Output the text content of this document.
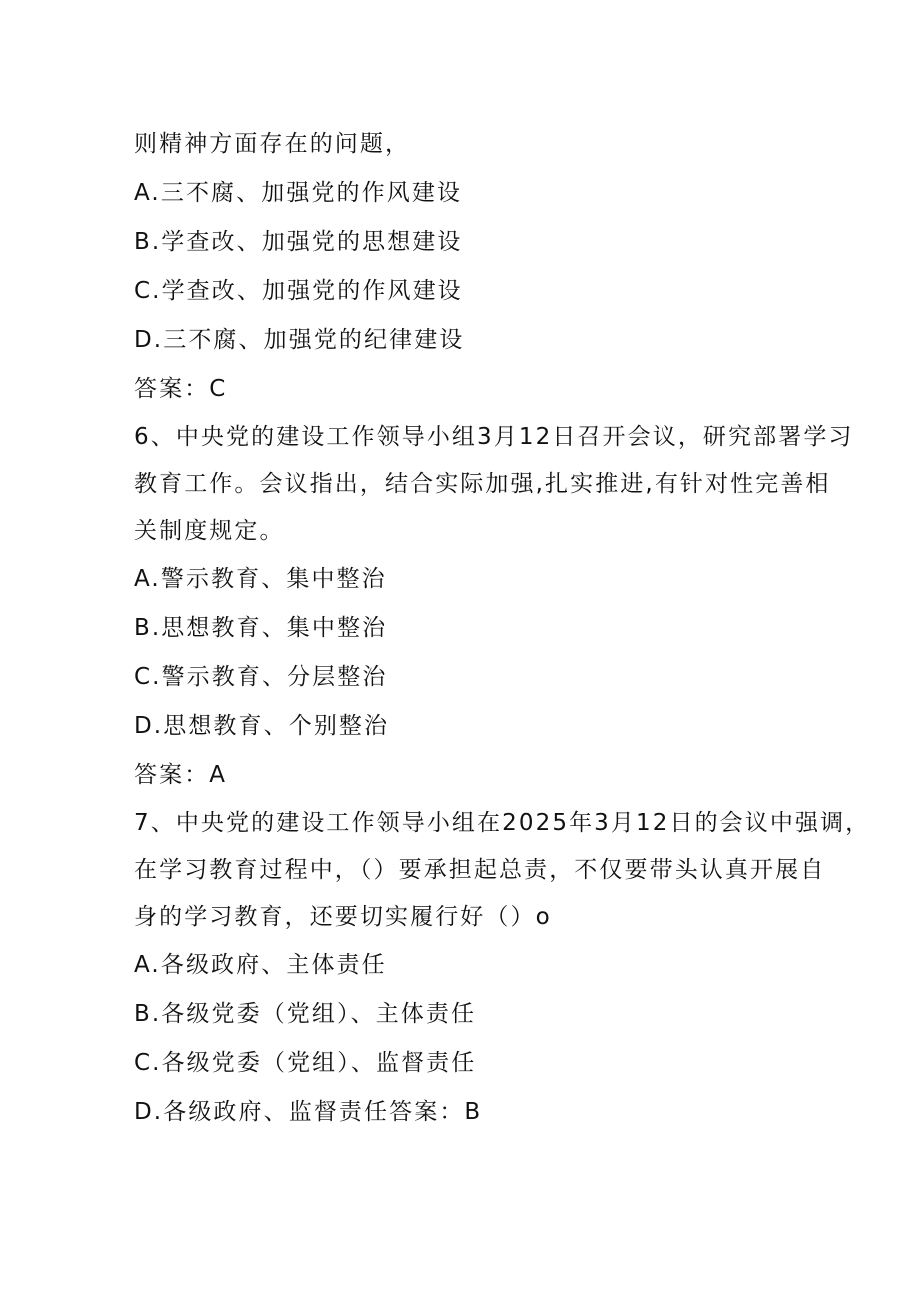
则精神方面存在的问题，
A.三不腐、加强党的作风建设
B.学查改、加强党的思想建设
C.学查改、加强党的作风建设
D.三不腐、加强党的纪律建设
答案：C
6、中央党的建设工作领导小组3月12日召开会议，研究部署学习
教育工作。会议指出，结合实际加强,扎实推进,有针对性完善相
关制度规定。
A.警示教育、集中整治
B.思想教育、集中整治
C.警示教育、分层整治
D.思想教育、个别整治
答案：A
7、中央党的建设工作领导小组在2025年3月12日的会议中强调，
在学习教育过程中，（）要承担起总责，不仅要带头认真开展自
身的学习教育，还要切实履行好（）o
A.各级政府、主体责任
B.各级党委（党组）、主体责任
C.各级党委（党组）、监督责任
D.各级政府、监督责任答案：B
